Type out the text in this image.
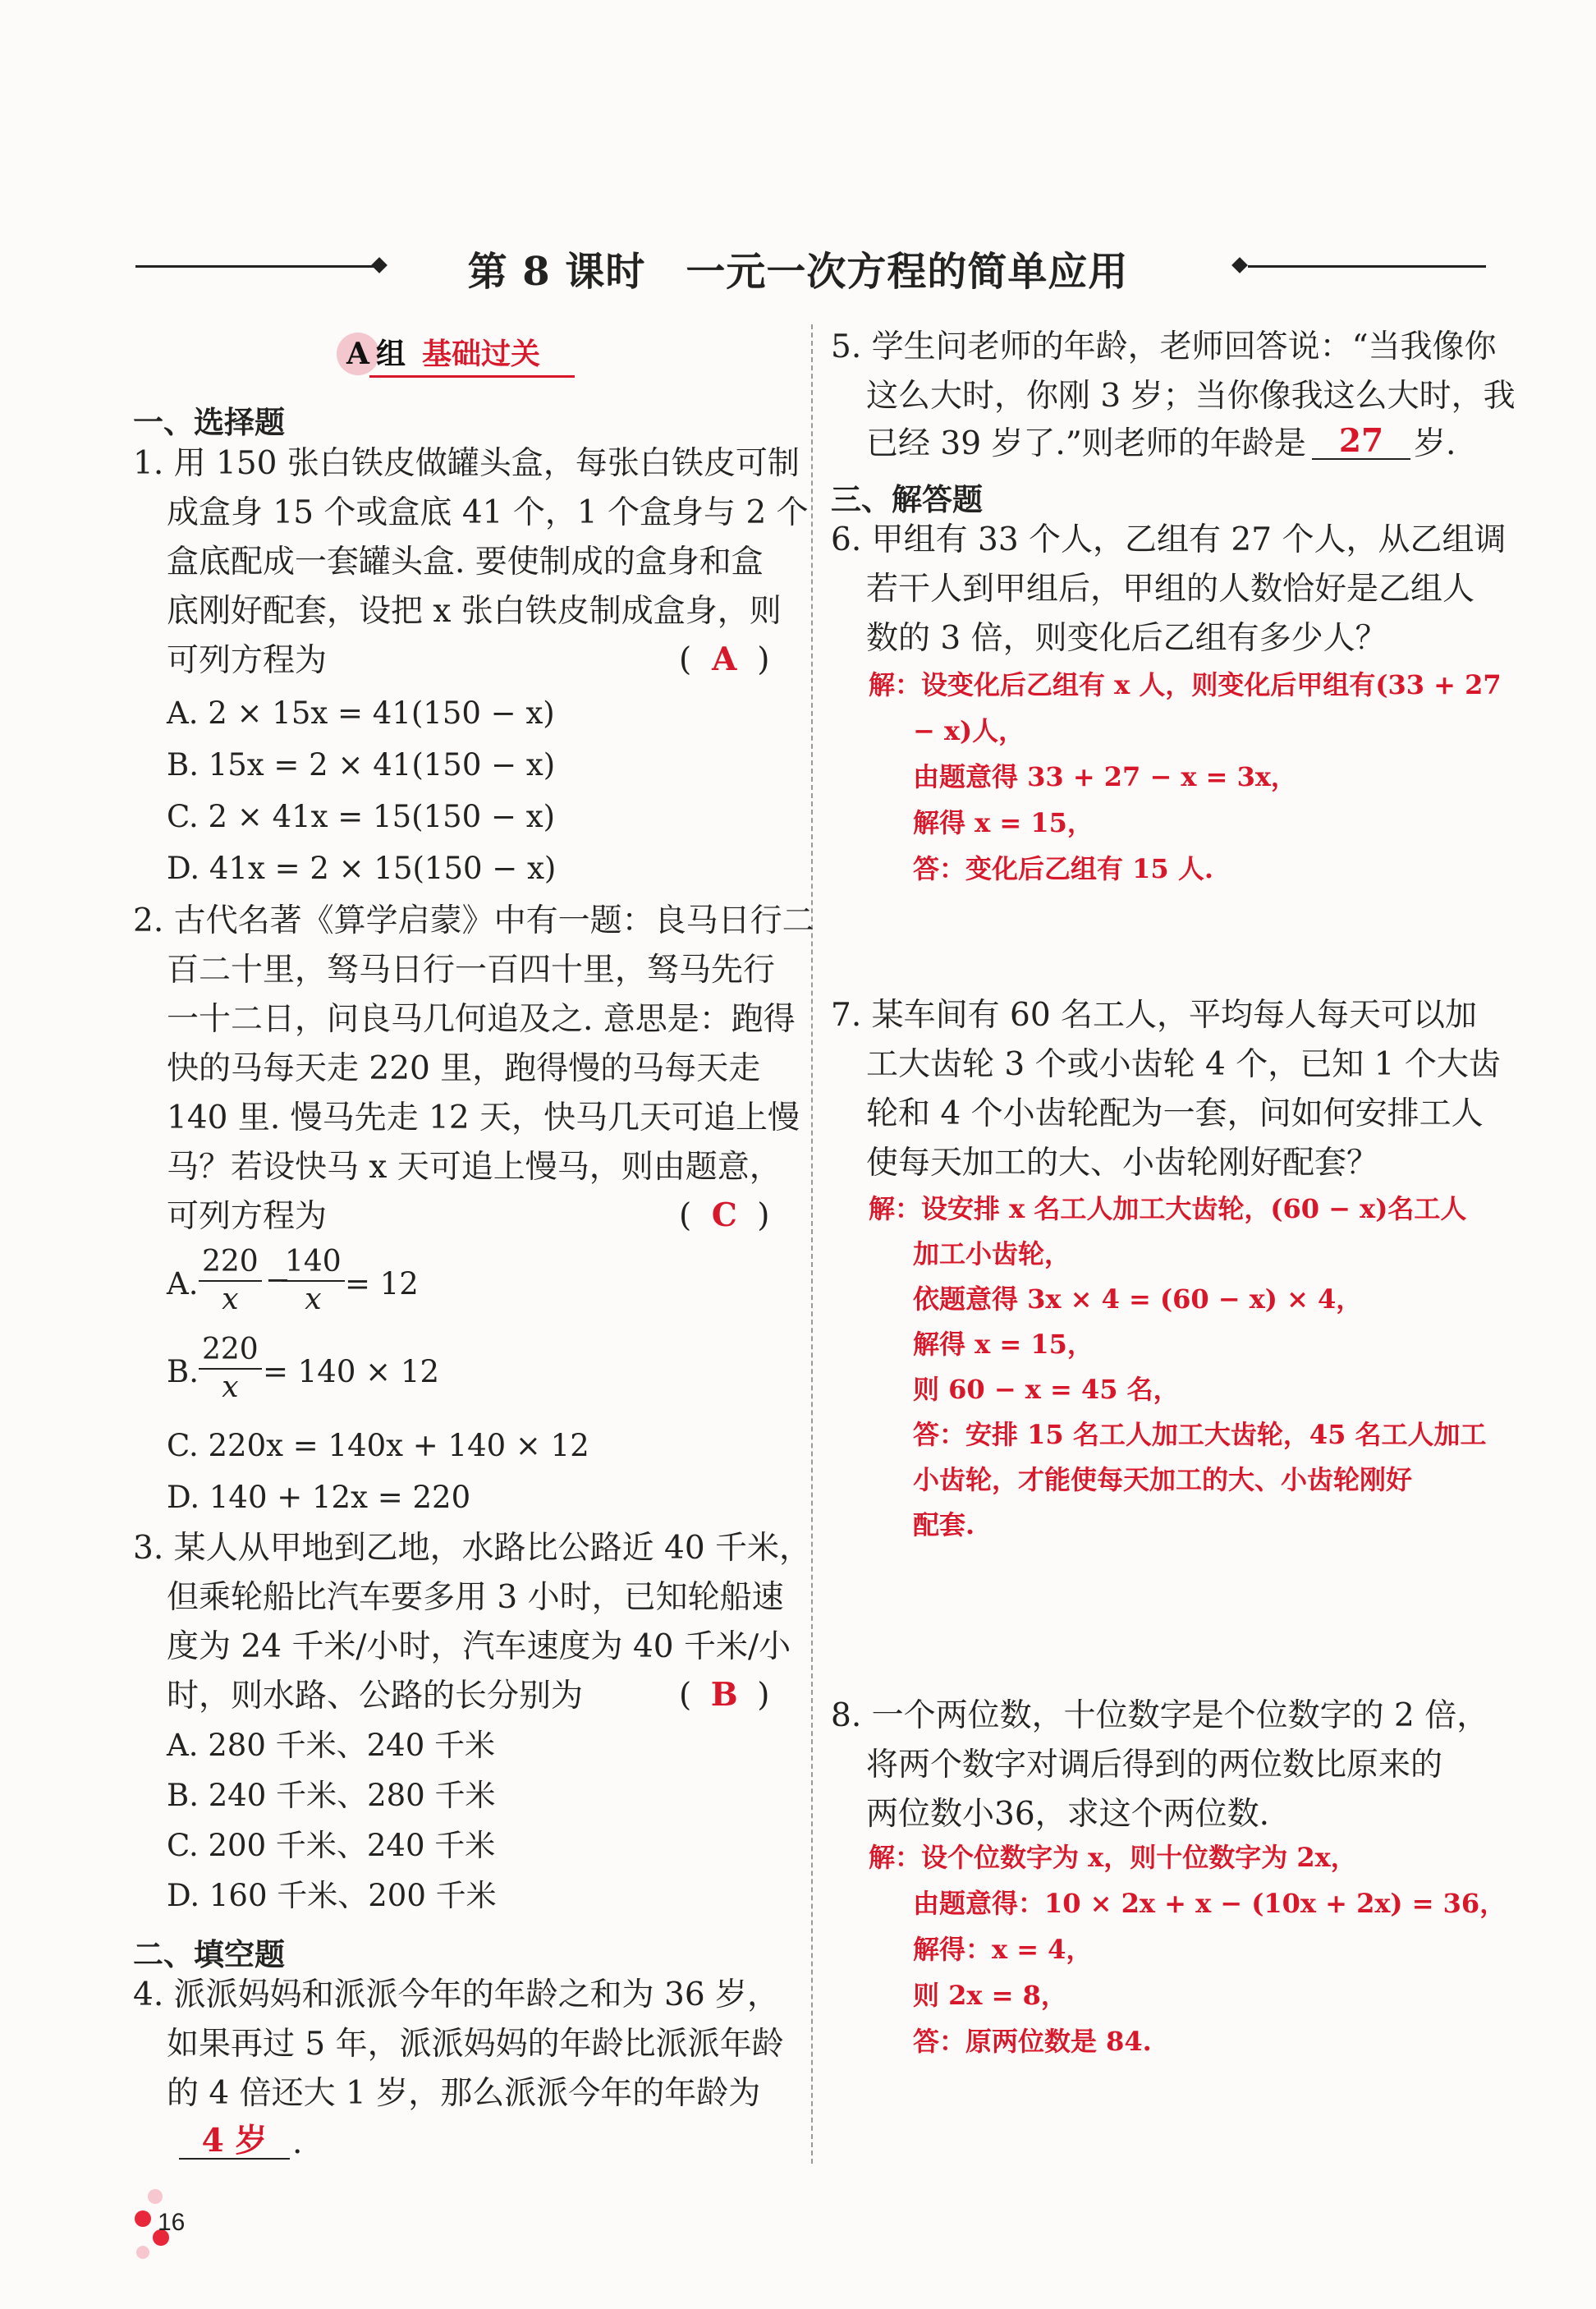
第 8 课时　一元一次方程的简单应用
A 组 基础过关
一、选择题
1. 用 150 张白铁皮做罐头盒，每张白铁皮可制
成盒身 15 个或盒底 41 个，1 个盒身与 2 个
盒底配成一套罐头盒. 要使制成的盒身和盒
底刚好配套，设把 x 张白铁皮制成盒身，则
可列方程为	( A )
A. 2 × 15x = 41(150 − x)
B. 15x = 2 × 41(150 − x)
C. 2 × 41x = 15(150 − x)
D. 41x = 2 × 15(150 − x)
2. 古代名著《算学启蒙》中有一题：良马日行二
百二十里，驽马日行一百四十里，驽马先行
一十二日，问良马几何追及之. 意思是：跑得
快的马每天走 220 里，跑得慢的马每天走
140 里. 慢马先走 12 天，快马几天可追上慢
马？若设快马 x 天可追上慢马，则由题意，
可列方程为	( C )
A. $\frac{220}{x}$ −
$\frac{140}{x} = 12$
B. $\frac{220}{x} = 140 \times 12$
C. 220x = 140x + 140 × 12
D. 140 + 12x = 220
3. 某人从甲地到乙地，水路比公路近 40 千米，
但乘轮船比汽车要多用 3 小时，已知轮船速
度为 24 千米/小时，汽车速度为 40 千米/小
时，则水路、公路的长分别为	( B )
A. 280 千米、240 千米
B. 240 千米、280 千米
C. 200 千米、240 千米
D. 160 千米、200 千米
二、填空题
4. 派派妈妈和派派今年的年龄之和为 36 岁，
如果再过 5 年，派派妈妈的年龄比派派年龄
的 4 倍还大 1 岁，那么派派今年的年龄为
4 岁 .
5. 学生问老师的年龄，老师回答说：“当我像你
这么大时，你刚 3 岁；当你像我这么大时，我
已经 39 岁了.”则老师的年龄是	27 岁.
三、解答题
6. 甲组有 33 个人，乙组有 27 个人，从乙组调
若干人到甲组后，甲组的人数恰好是乙组人
数的 3 倍，则变化后乙组有多少人？
解：设变化后乙组有 x 人，则变化后甲组有(33 + 27
− x)人，
由题意得 33 + 27 − x = 3x，
解得 x = 15，
答：变化后乙组有 15 人.
7. 某车间有 60 名工人，平均每人每天可以加
工大齿轮 3 个或小齿轮 4 个，已知 1 个大齿
轮和 4 个小齿轮配为一套，问如何安排工人
使每天加工的大、小齿轮刚好配套？
解：设安排 x 名工人加工大齿轮，(60 − x)名工人
加工小齿轮，
依题意得 3x × 4 = (60 − x) × 4，
解得 x = 15，
则 60 − x = 45 名，
答：安排 15 名工人加工大齿轮，45 名工人加工
小齿轮，才能使每天加工的大、小齿轮刚好
配套.
8. 一个两位数，十位数字是个位数字的 2 倍，
将两个数字对调后得到的两位数比原来的
两位数小36，求这个两位数.
解：设个位数字为 x，则十位数字为 2x，
由题意得：10 × 2x + x − (10x + 2x) = 36，
解得：x = 4，
则 2x = 8，
答：原两位数是 84.
16
